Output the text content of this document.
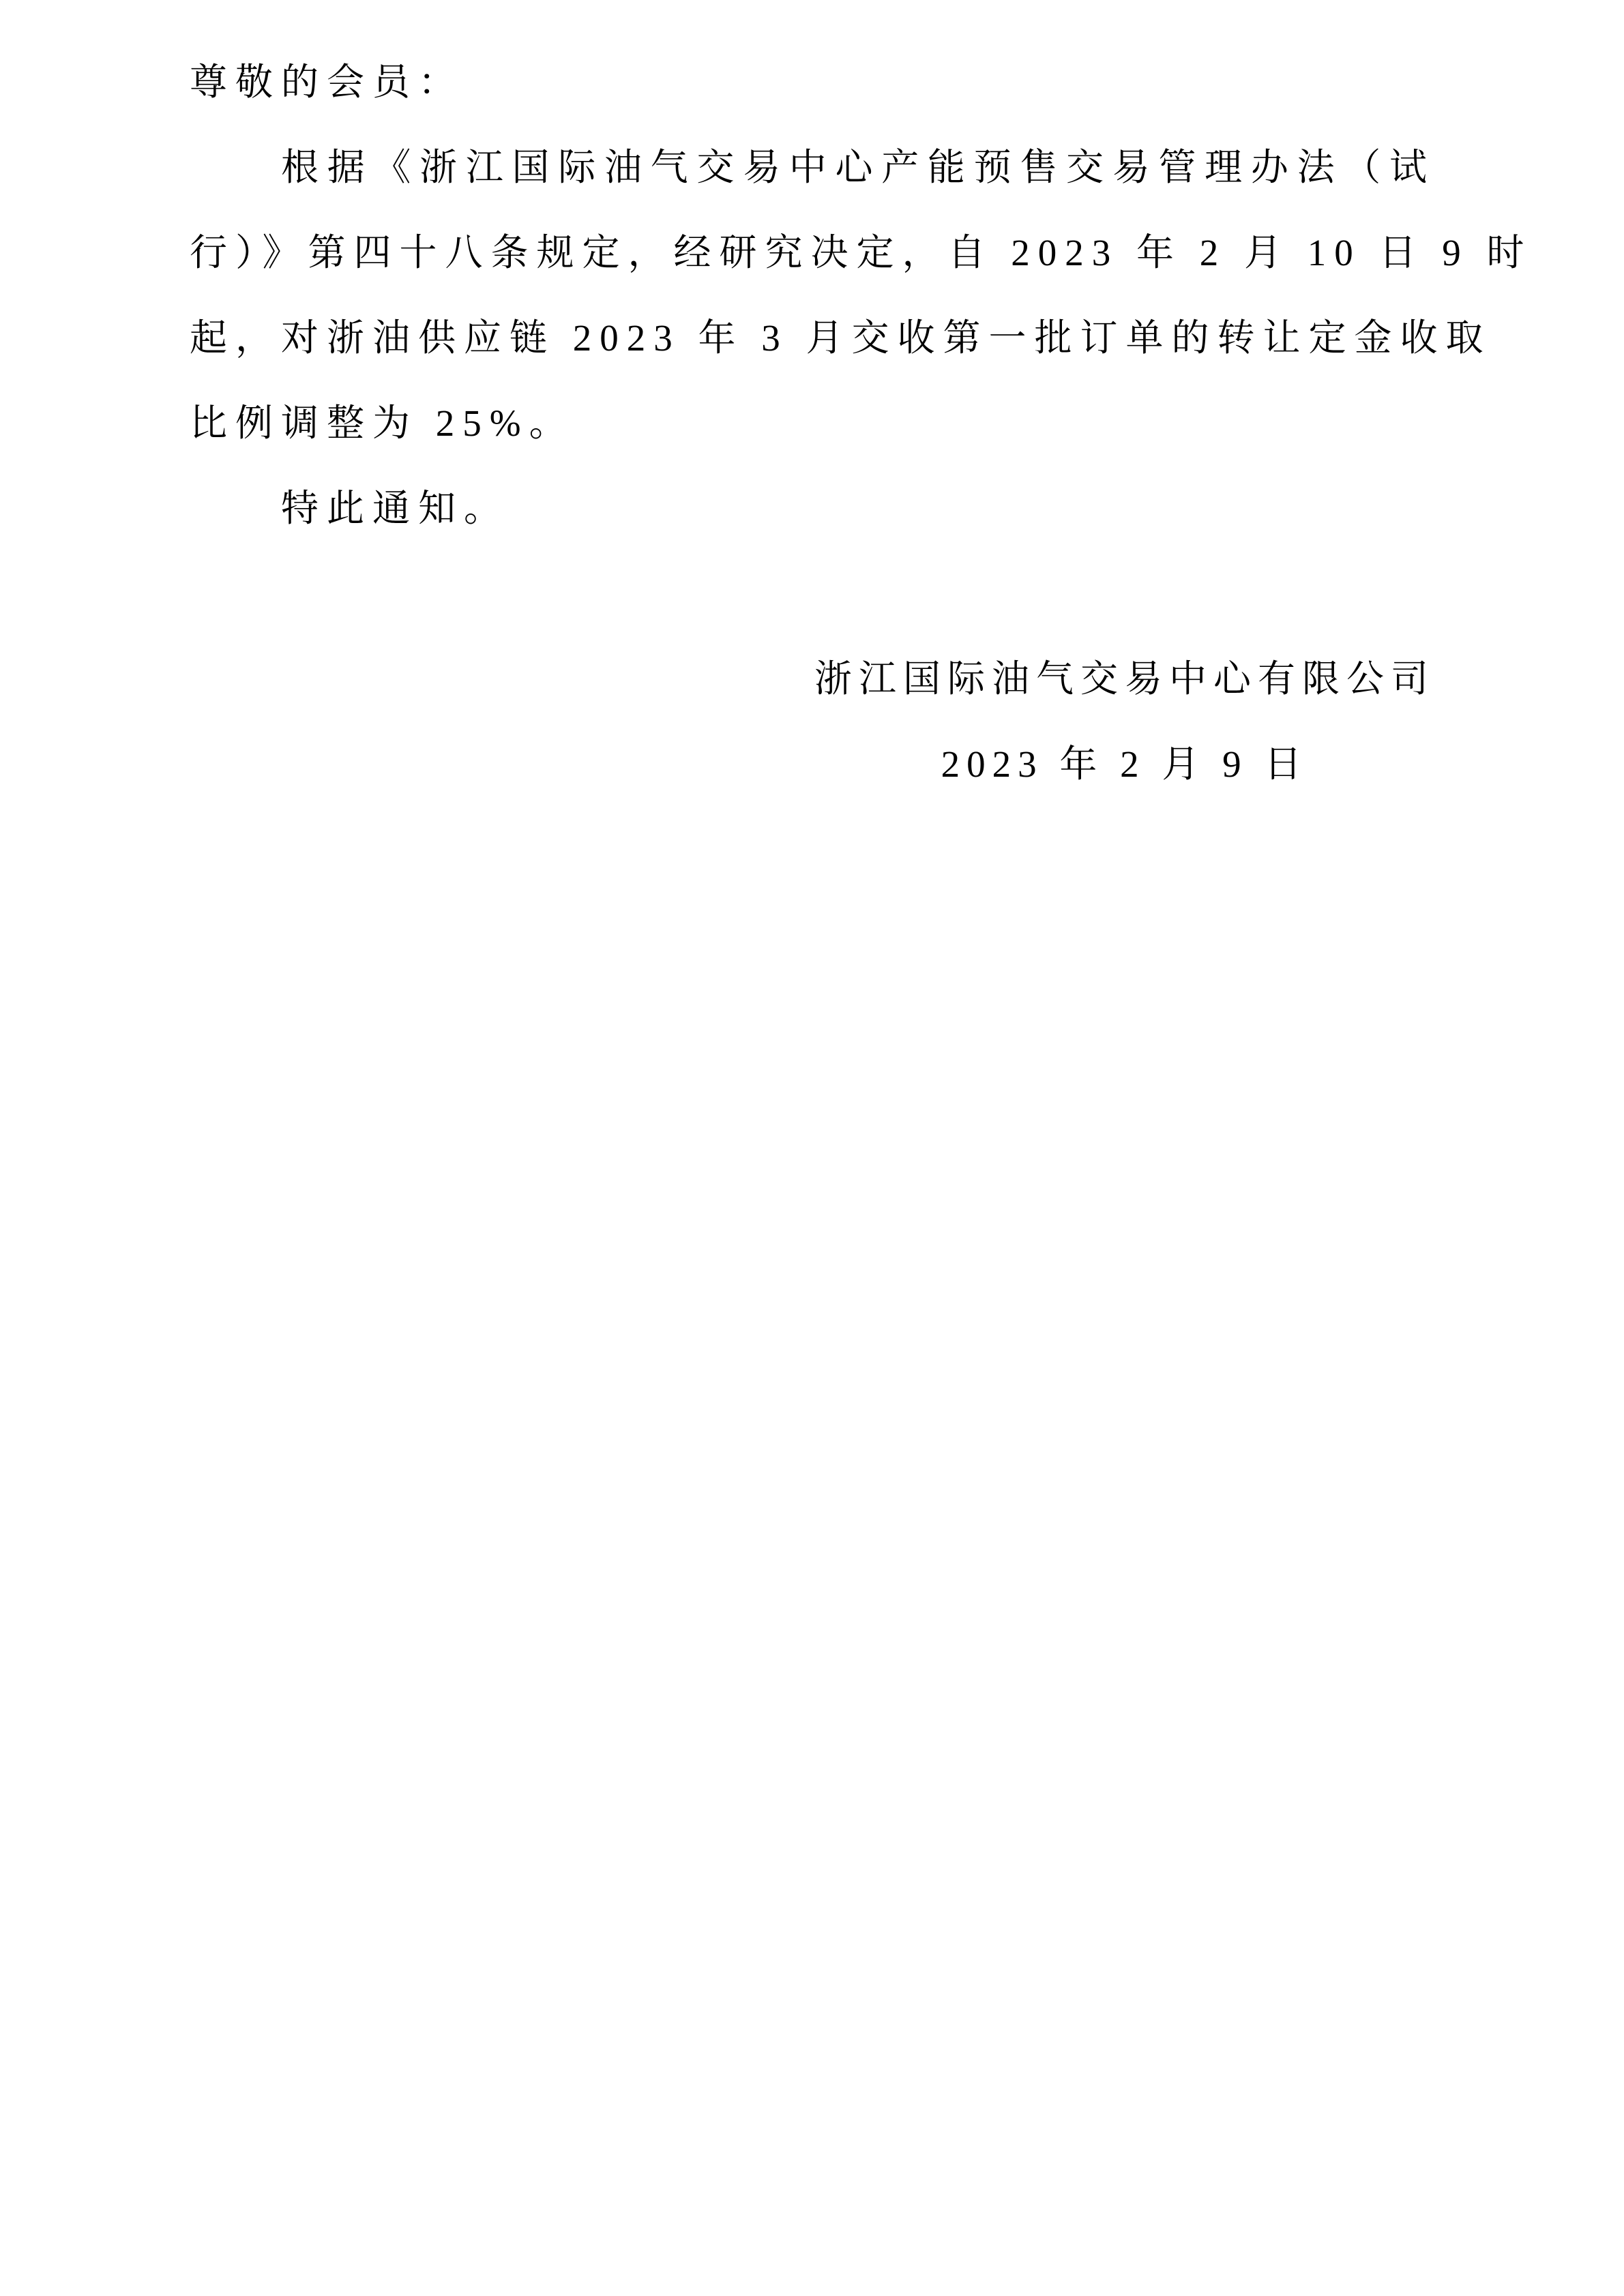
尊敬的会员：
根据《浙江国际油气交易中心产能预售交易管理办法（试
行）》第四十八条规定，经研究决定，自 2023 年 2 月 10 日 9 时
起，对浙油供应链 2023 年 3 月交收第一批订单的转让定金收取
比例调整为 25%。
特此通知。
浙江国际油气交易中心有限公司
2023 年 2 月 9 日
